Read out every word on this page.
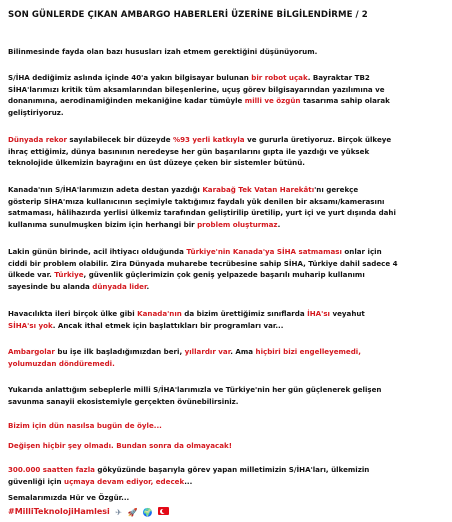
SON GÜNLERDE ÇIKAN AMBARGO HABERLERİ ÜZERİNE BİLGİLENDİRME / 2
Bilinmesinde fayda olan bazı hususları izah etmem gerektiğini düşünüyorum.
S/İHA dediğimiz aslında içinde 40'a yakın bilgisayar bulunan bir robot uçak. Bayraktar TB2
SİHA'larımızı kritik tüm aksamlarından bileşenlerine, uçuş görev bilgisayarından yazılımına ve
donanımına, aerodinamiğinden mekaniğine kadar tümüyle milli ve özgün tasarıma sahip olarak
geliştiriyoruz.
Dünyada rekor sayılabilecek bir düzeyde %93 yerli katkıyla ve gururla üretiyoruz. Birçok ülkeye
ihraç ettiğimiz, dünya basınının neredeyse her gün başarılarını gıpta ile yazdığı ve yüksek
teknolojide ülkemizin bayrağını en üst düzeye çeken bir sistemler bütünü.
Kanada'nın S/İHA'larımızın adeta destan yazdığı Karabağ Tek Vatan Harekâtı'nı gerekçe
gösterip SİHA'mıza kullanıcının seçimiyle taktığımız faydalı yük denilen bir aksamı/kamerasını
satmaması, hâlihazırda yerlisi ülkemiz tarafından geliştirilip üretilip, yurt içi ve yurt dışında dahi
kullanıma sunulmuşken bizim için herhangi bir problem oluşturmaz.
Lakin günün birinde, acil ihtiyacı olduğunda Türkiye'nin Kanada'ya SİHA satmaması onlar için
ciddi bir problem olabilir. Zira Dünyada muharebe tecrübesine sahip SİHA, Türkiye dahil sadece 4
ülkede var. Türkiye, güvenlik güçlerimizin çok geniş yelpazede başarılı muharip kullanımı
sayesinde bu alanda dünyada lider.
Havacılıkta ileri birçok ülke gibi Kanada'nın da bizim ürettiğimiz sınıflarda İHA'sı veyahut
SİHA'sı yok. Ancak ithal etmek için başlattıkları bir programları var...
Ambargolar bu işe ilk başladığımızdan beri, yıllardır var. Ama hiçbiri bizi engelleyemedi,
yolumuzdan döndüremedi.
Yukarıda anlattığım sebeplerle milli S/İHA'larımızla ve Türkiye'nin her gün güçlenerek gelişen
savunma sanayii ekosistemiyle gerçekten övünebilirsiniz.
Bizim için dün nasılsa bugün de öyle...
Değişen hiçbir şey olmadı. Bundan sonra da olmayacak!
300.000 saatten fazla gökyüzünde başarıyla görev yapan milletimizin S/İHA'ları, ülkemizin
güvenliği için uçmaya devam ediyor, edecek...
Semalarımızda Hür ve Özgür...
#MilliTeknolojiHamlesi ✈ 🚀 🌍
